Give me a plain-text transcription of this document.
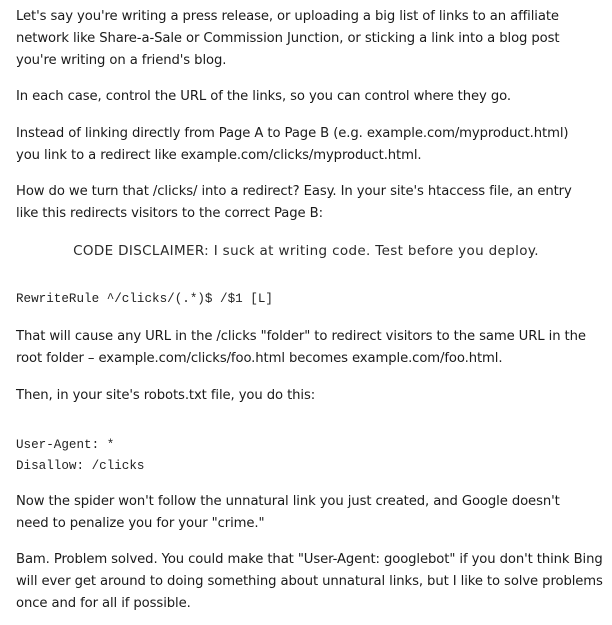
Let's say you're writing a press release, or uploading a big list of links to an affiliate network like Share-a-Sale or Commission Junction, or sticking a link into a blog post you're writing on a friend's blog.

In each case, control the URL of the links, so you can control where they go.

Instead of linking directly from Page A to Page B (e.g. example.com/myproduct.html) you link to a redirect like example.com/clicks/myproduct.html.

How do we turn that /clicks/ into a redirect? Easy. In your site's htaccess file, an entry like this redirects visitors to the correct Page B:

CODE DISCLAIMER: I suck at writing code. Test before you deploy.

RewriteRule ^/clicks/(.*)$ /$1 [L]

That will cause any URL in the /clicks "folder" to redirect visitors to the same URL in the root folder – example.com/clicks/foo.html becomes example.com/foo.html.

Then, in your site's robots.txt file, you do this:

User-Agent: *
Disallow: /clicks

Now the spider won't follow the unnatural link you just created, and Google doesn't need to penalize you for your "crime."

Bam. Problem solved. You could make that "User-Agent: googlebot" if you don't think Bing will ever get around to doing something about unnatural links, but I like to solve problems once and for all if possible.
